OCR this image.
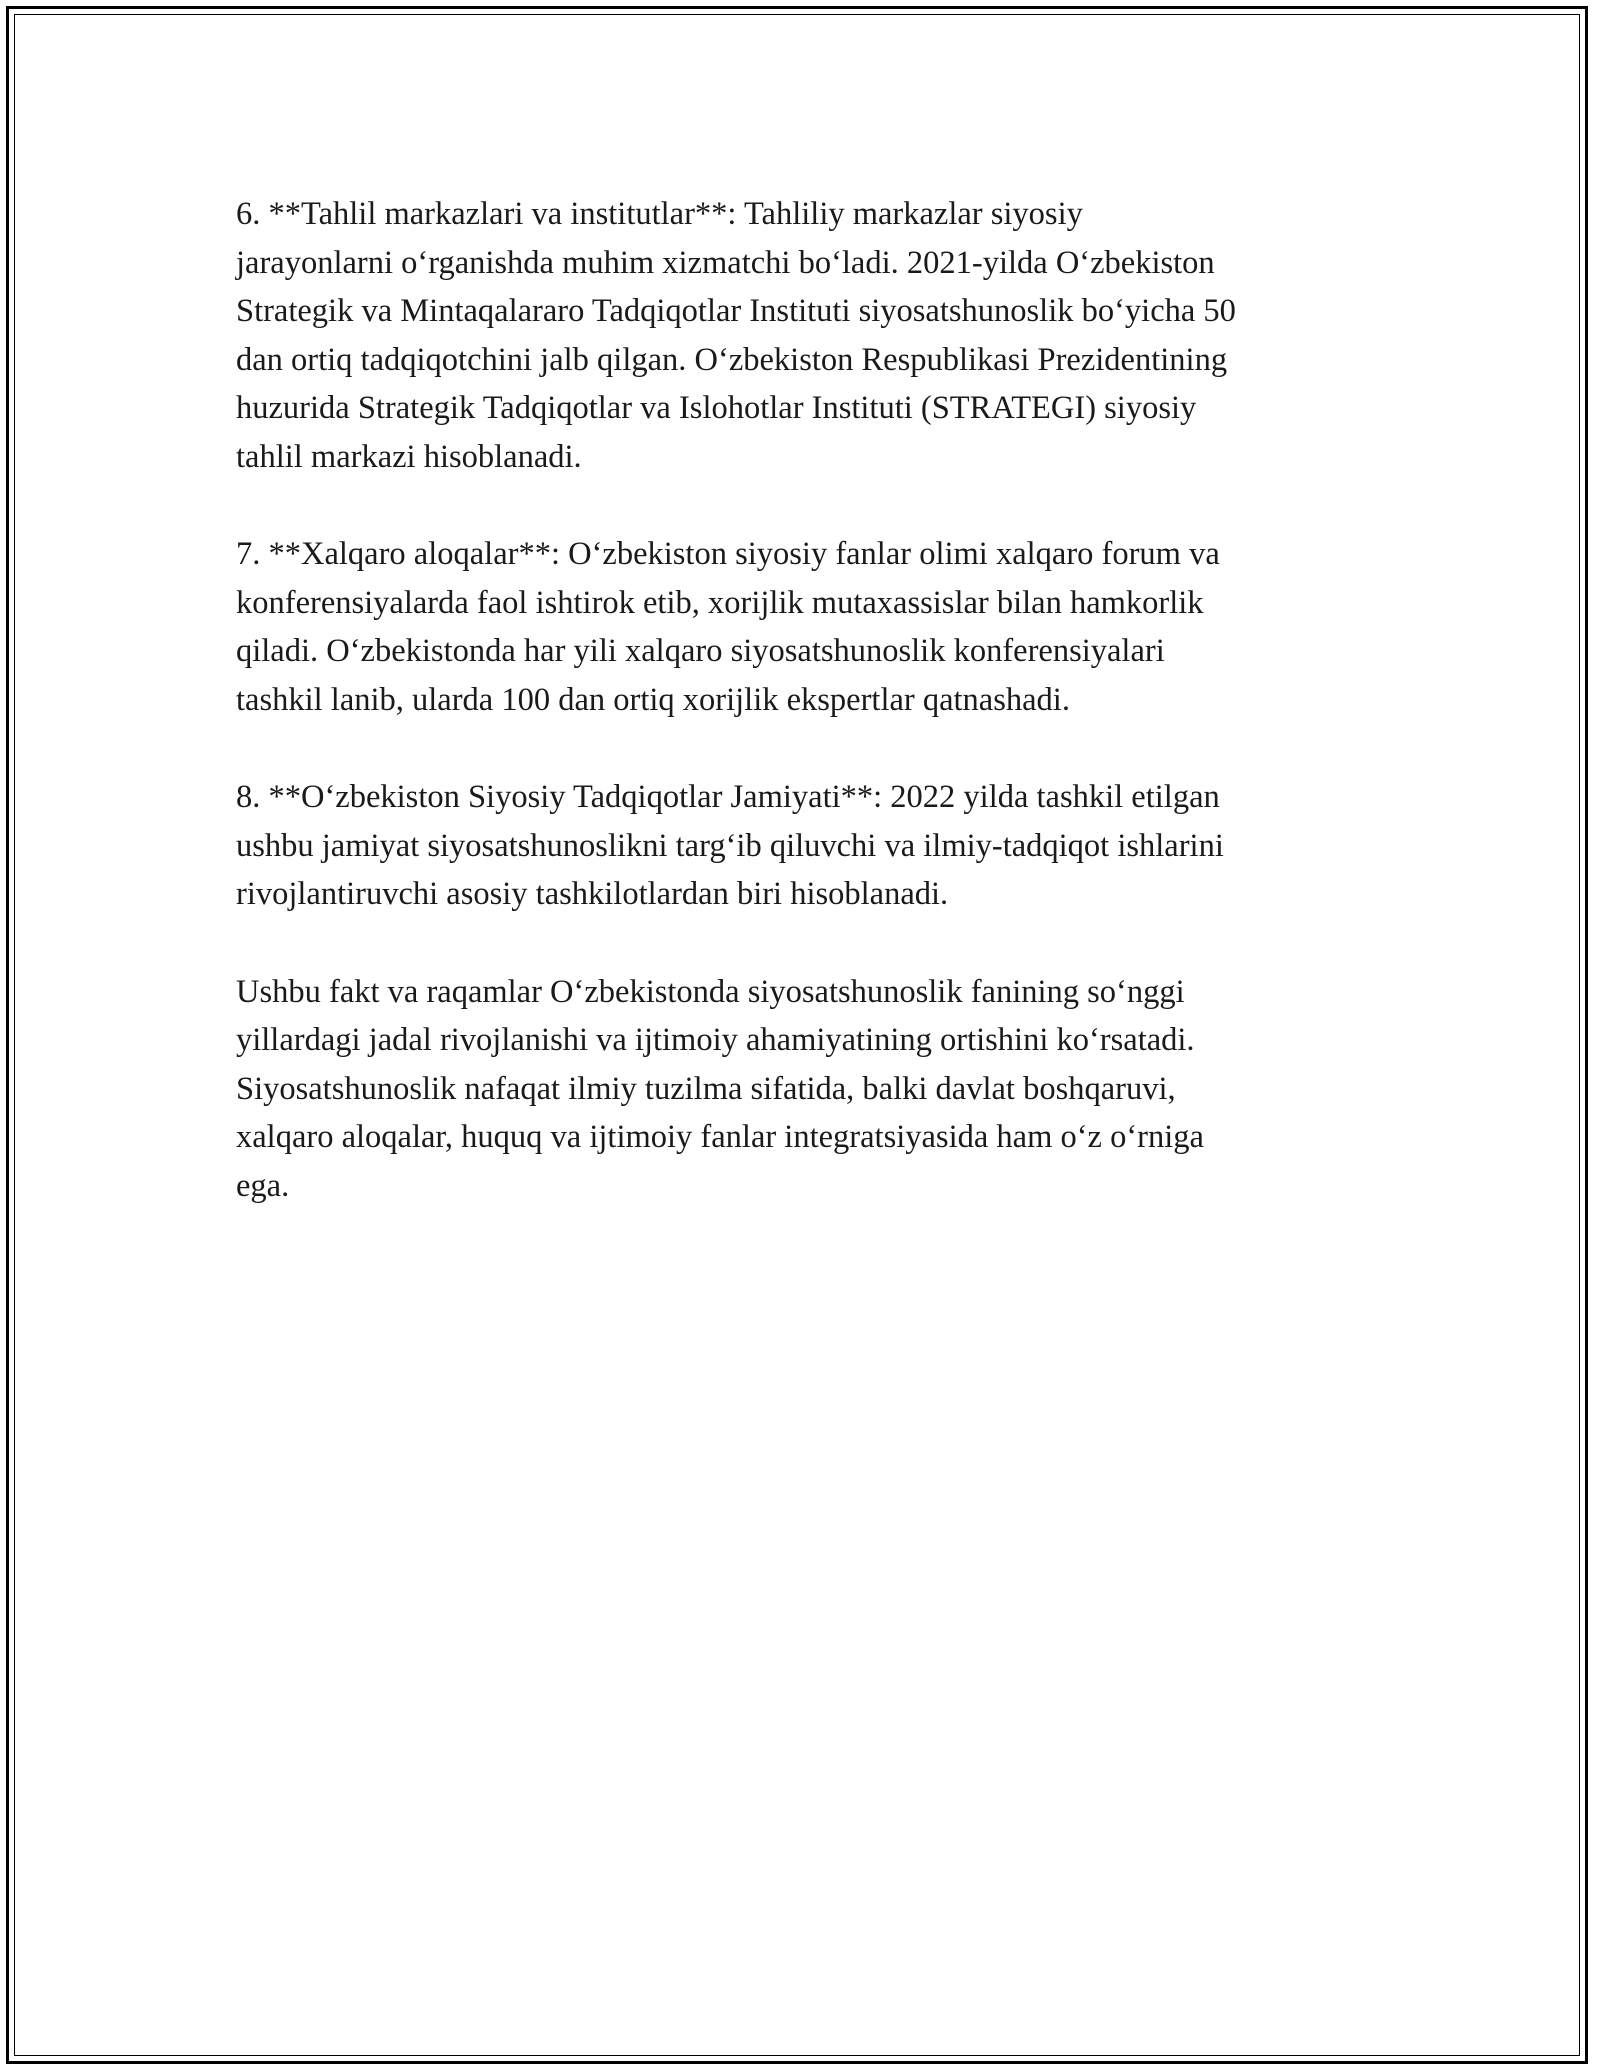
6. **Tahlil markazlari va institutlar**: Tahliliy markazlar siyosiy
jarayonlarni o‘rganishda muhim xizmatchi bo‘ladi. 2021-yilda O‘zbekiston
Strategik va Mintaqalararo Tadqiqotlar Instituti siyosatshunoslik bo‘yicha 50
dan ortiq tadqiqotchini jalb qilgan. O‘zbekiston Respublikasi Prezidentining
huzurida Strategik Tadqiqotlar va Islohotlar Instituti (STRATEGI) siyosiy
tahlil markazi hisoblanadi.

7. **Xalqaro aloqalar**: O‘zbekiston siyosiy fanlar olimi xalqaro forum va
konferensiyalarda faol ishtirok etib, xorijlik mutaxassislar bilan hamkorlik
qiladi. O‘zbekistonda har yili xalqaro siyosatshunoslik konferensiyalari
tashkil lanib, ularda 100 dan ortiq xorijlik ekspertlar qatnashadi.

8. **O‘zbekiston Siyosiy Tadqiqotlar Jamiyati**: 2022 yilda tashkil etilgan
ushbu jamiyat siyosatshunoslikni targ‘ib qiluvchi va ilmiy-tadqiqot ishlarini
rivojlantiruvchi asosiy tashkilotlardan biri hisoblanadi.

Ushbu fakt va raqamlar O‘zbekistonda siyosatshunoslik fanining so‘nggi
yillardagi jadal rivojlanishi va ijtimoiy ahamiyatining ortishini ko‘rsatadi.
Siyosatshunoslik nafaqat ilmiy tuzilma sifatida, balki davlat boshqaruvi,
xalqaro aloqalar, huquq va ijtimoiy fanlar integratsiyasida ham o‘z o‘rniga
ega.
